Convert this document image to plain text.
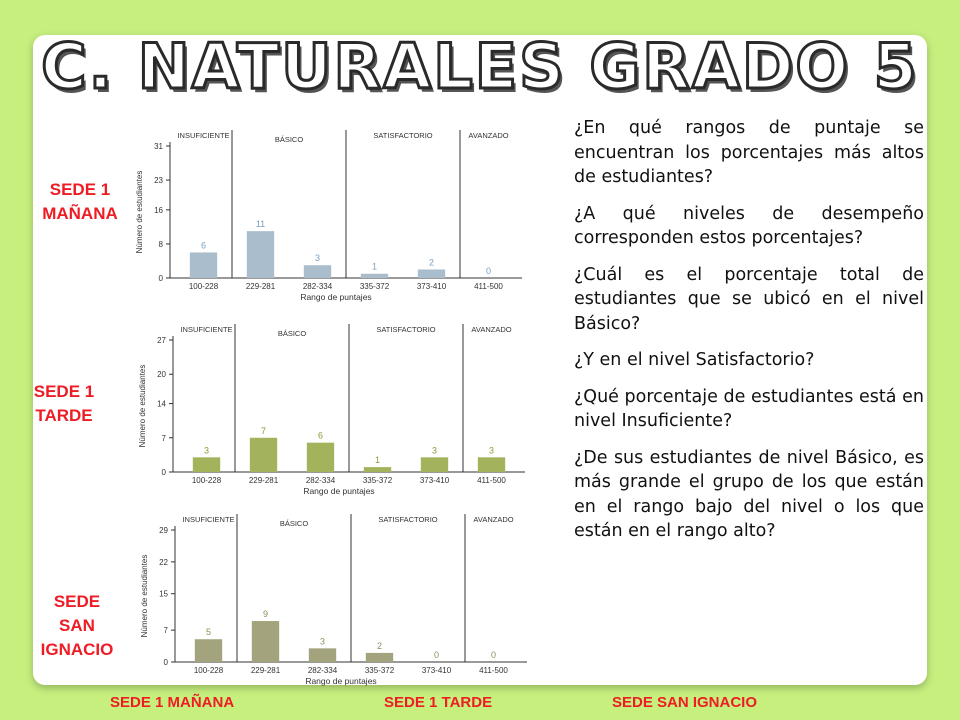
C. NATURALES GRADO 5
SEDE 1
MAÑANA
SEDE 1
TARDE
SEDE
SAN
IGNACIO
0
8
16
23
31
Número de estudiantes
INSUFICIENTE	BÁSICO	SATISFACTORIO	AVANZADO
6
100-228
11
229-281
3
282-334
1
335-372
2
373-410
0
411-500
Rango de puntajes
0
7
14
20
27
Número de estudiantes
INSUFICIENTE	BÁSICO	SATISFACTORIO	AVANZADO
3
100-228
7
229-281
6
282-334
1
335-372
3
373-410
3
411-500
Rango de puntajes
0
7
15
22
29
Número de estudiantes
INSUFICIENTE	BÁSICO	SATISFACTORIO	AVANZADO
5
100-228
9
229-281
3
282-334
2
335-372
0
373-410
0
411-500
Rango de puntajes

¿En qué rangos de puntaje se encuentran los porcentajes más altos de estudiantes?

¿A qué niveles de desempeño corresponden estos porcentajes?

¿Cuál es el porcentaje total de estudiantes que se ubicó en el nivel Básico?

¿Y en el nivel Satisfactorio?

¿Qué porcentaje de estudiantes está en nivel Insuficiente?

¿De sus estudiantes de nivel Básico, es más grande el grupo de los que están en el rango bajo del nivel o los que están en el rango alto?

SEDE 1 MAÑANA	SEDE 1 TARDE	SEDE SAN IGNACIO
